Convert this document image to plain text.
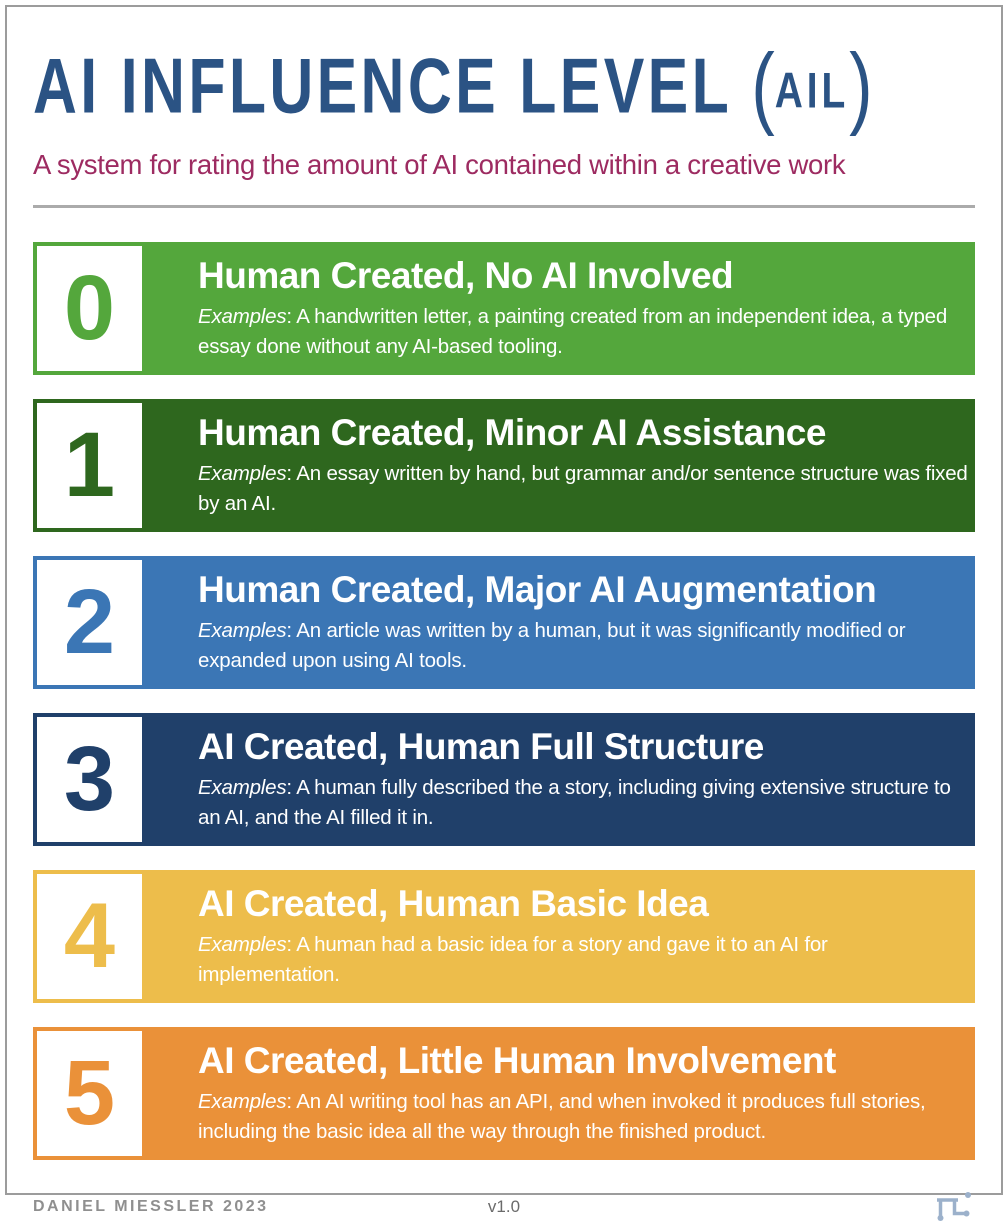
AI INFLUENCE LEVEL (AIL)

A system for rating the amount of AI contained within a creative work

0 Human Created, No AI Involved

Examples: A handwritten letter, a painting created from an independent idea, a typed essay done without any AI-based tooling.

1 Human Created, Minor AI Assistance

Examples: An essay written by hand, but grammar and/or sentence structure was fixed by an AI.

2 Human Created, Major AI Augmentation

Examples: An article was written by a human, but it was significantly modified or expanded upon using AI tools.

3 AI Created, Human Full Structure

Examples: A human fully described the a story, including giving extensive structure to an AI, and the AI filled it in.

4 AI Created, Human Basic Idea

Examples: A human had a basic idea for a story and gave it to an AI for implementation.

5 AI Created, Little Human Involvement

Examples: An AI writing tool has an API, and when invoked it produces full stories, including the basic idea all the way through the finished product.

DANIEL MIESSLER 2023	v1.0
